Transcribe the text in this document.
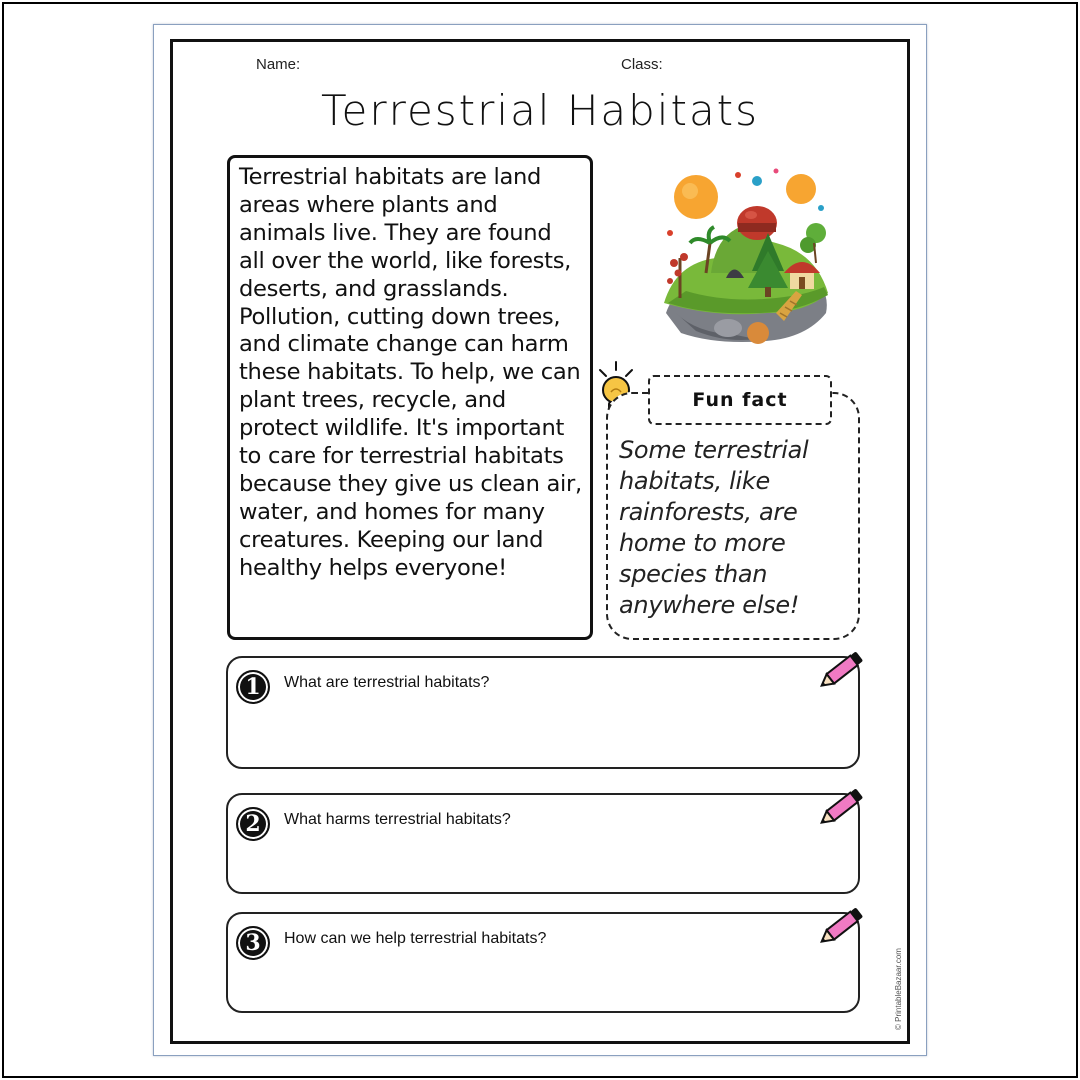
Name:	Class:
Terrestrial Habitats

Terrestrial habitats are land areas where plants and animals live. They are found all over the world, like forests, deserts, and grasslands. Pollution, cutting down trees, and climate change can harm these habitats. To help, we can plant trees, recycle, and protect wildlife. It's important to care for terrestrial habitats because they give us clean air, water, and homes for many creatures. Keeping our land healthy helps everyone!

Fun fact
Some terrestrial habitats, like rainforests, are home to more species than anywhere else!
1	What are terrestrial habitats?
2	What harms terrestrial habitats?
3	How can we help terrestrial habitats?
© PrintableBazaar.com
